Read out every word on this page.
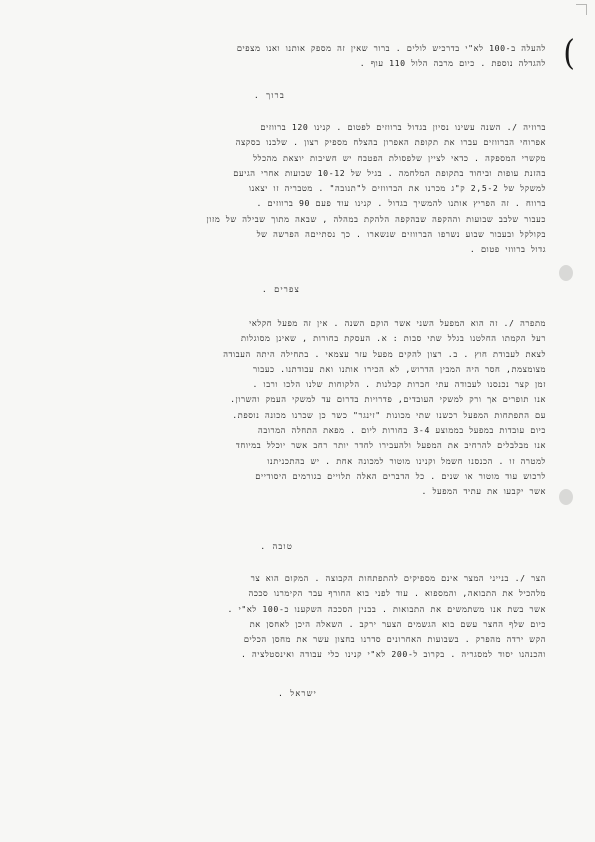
(
להעלה ב-100 לא"י בדרכיש לולים . ברור שאין זה מספק אותנו ואנו מצפים
להגדלה נוספת . כיום מרבה הלול 110 עוף .
ברוך .
ברוזיה /. השנה עשינו נסיון בגדול ברווזים לפטום . קנינו 120 ברווזים
אפרוחי הברווזים עברו את תקופת האפרון בהצלח מספיק רצון . שלבנו בסקצה
מקשרי המספקה . כדאי לציין שלפסולת הפטבח יש חשיבות יוצאת מהכלל
בהזנת עופות וביחוד בתקופת המלחמה . בגיל של 10-12 שבועות אחרי הגיעם
למשקל של 2,5-2 ק"ג מכרנו את הברווזים ל"תנובה" . מטבריה זו יצאנו
ברווח . זה הפריץ אותנו להמשיך בגדול . קנינו עוד פעם 90 ברווזים .
כעבור שלבב שבועות וההקפה שבהקפה הלהקת במהלה , שבאה מתוך שבילה של מזון
בקולקל ובעבור שבוע נשרפו הברווזים שנשארו . כך נסתייםה הפרשה של
גדול ברווזי פטום .
צפרים .
מתפרה /. זה הוא המפעל השני אשר הוקם השנה . אין זה מפעל חקלאי
רעל הקמתו החלטנו בגלל שתי סבות : א. העסקת בחורות , שאינן מסוגלות
לצאת לעבודת חוץ . ב. רצון להקים מפעל עזר עצמאי . בתחילה היתה העבודה
מצומצמת, חסר היה המבין הדרוש, לא הכירו אותנו ואת עבודתנו. כעבור
זמן קצר נכנסנו לעבודה עתי חברות קבלנות . הלקוחות שלנו הלכו ורבו .
אנו תופרים אך ורק למשקי העובדים, פדרויות בדרום עד למשקי העמק והשרון.
עם התפתחות המפעל רכשנו שתי מכונות "זינגר" כשר כן שכרנו מכונה נוספת.
כיום עובדות במפעל בממוצע 3-4 בחורות ליום . מפאת התחלה המרובה
אנו מבלבלים להרחיב את המפעל ולהעבירו לחדר יותר רחב אשר יוכלל במיוחד
למטרה זו . הכנסנו חשמל וקנינו מוטור למכונה אחת . יש בהתכניתנו
לרכוש עוד מוטור או שנים . כל הדברים האלה תלויים בגורמים היסודיים
אשר יקבעו את עתיד המפעל .
טובה .
הצר /. בנייני המצר אינם מספיקים להתפתחות הקבוצה . המקום הוא צר
מלהכיל את התבואה, והמספוא . עוד לפני בוא החורף עבר הקימרנו סככה
אשר בשת אנו משתמשים את התבואות . בבנין הסככה השקענו כ-100 לא"י .
כיום שלף החצר עשם בוא הגשמים הצער ירקב . השאלה היכן לאחסן את
הקש ירדה מהפרק . בשבועות האחרונים סדרנו בחצון עשר את מחסן הכלים
והכנהנו יסוד למסגריה . בקרוב ל-200 לא"י קנינו כלי עבודה ואינסטלציה .
ישראל .
